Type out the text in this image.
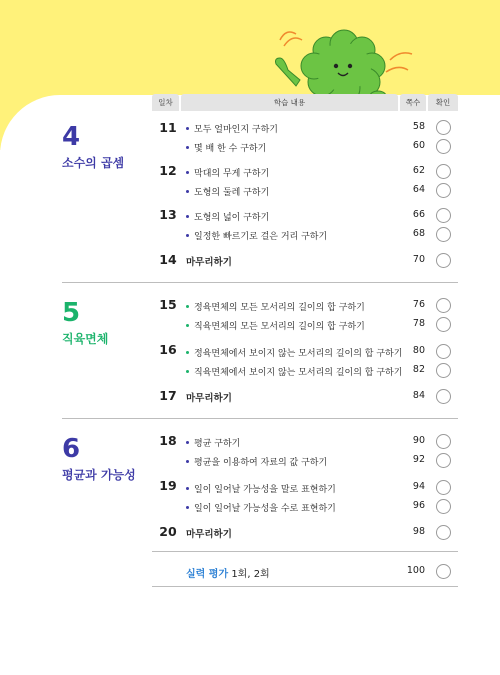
일차	학습 내용	쪽수	확인
4
소수의 곱셈
11	모두 얼마인지 구하기	58
몇 배 한 수 구하기	60
12	막대의 무게 구하기	62
도형의 둘레 구하기	64
13	도형의 넓이 구하기	66
일정한 빠르기로 걸은 거리 구하기	68
14 마무리하기	70
5
직육면체
15	정육면체의 모든 모서리의 길이의 합 구하기	76
직육면체의 모든 모서리의 길이의 합 구하기	78
16	정육면체에서 보이지 않는 모서리의 길이의 합 구하기	80
직육면체에서 보이지 않는 모서리의 길이의 합 구하기	82
17 마무리하기	84
6
평균과 가능성
18	평균 구하기	90
평균을 이용하여 자료의 값 구하기	92
19	일이 일어날 가능성을 말로 표현하기	94
일이 일어날 가능성을 수로 표현하기	96
20 마무리하기	98
실력 평가 1회, 2회	100
